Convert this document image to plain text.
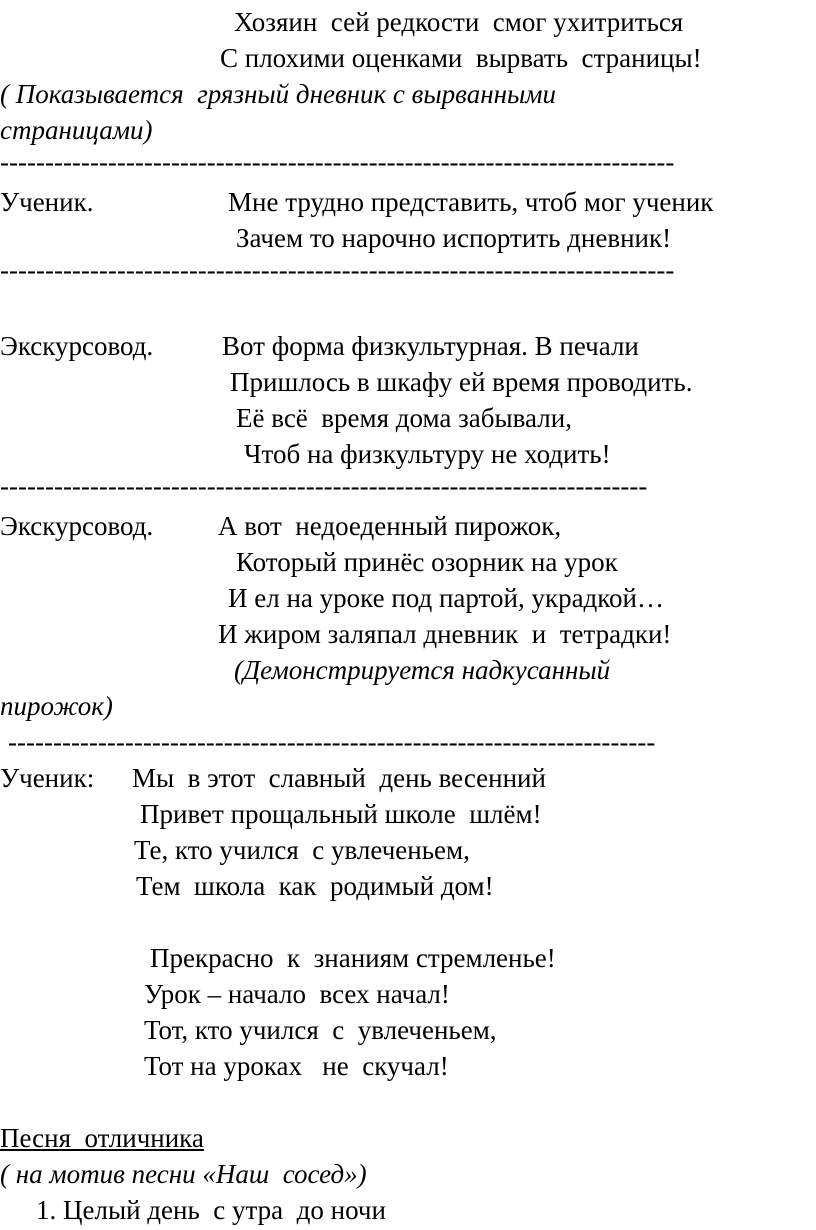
Хозяин  сей редкости  смог ухитриться
С плохими оценками  вырвать  страницы!
( Показывается  грязный дневник с вырванными
страницами)
---------------------------------------------------------------------------
Ученик.	Мне трудно представить, чтоб мог ученик
Зачем то нарочно испортить дневник!
---------------------------------------------------------------------------
Экскурсовод.	Вот форма физкультурная. В печали
Пришлось в шкафу ей время проводить.
Её всё  время дома забывали,
Чтоб на физкультуру не ходить!
------------------------------------------------------------------------
Экскурсовод. А вот  недоеденный пирожок,
Который принёс озорник на урок
И ел на уроке под партой, украдкой…
И жиром заляпал дневник  и  тетрадки!
(Демонстрируется надкусанный
пирожок)
------------------------------------------------------------------------
Ученик: Мы  в этот  славный  день весенний
Привет прощальный школе  шлём!
Те, кто учился  с увлеченьем,
Тем  школа  как  родимый дом!
Прекрасно  к  знаниям стремленье!
Урок – начало  всех начал!
Тот, кто учился  с  увлеченьем,
Тот на уроках   не  скучал!
Песня  отличника
( на мотив песни «Наш  сосед»)
1. Целый день  с утра  до ночи
